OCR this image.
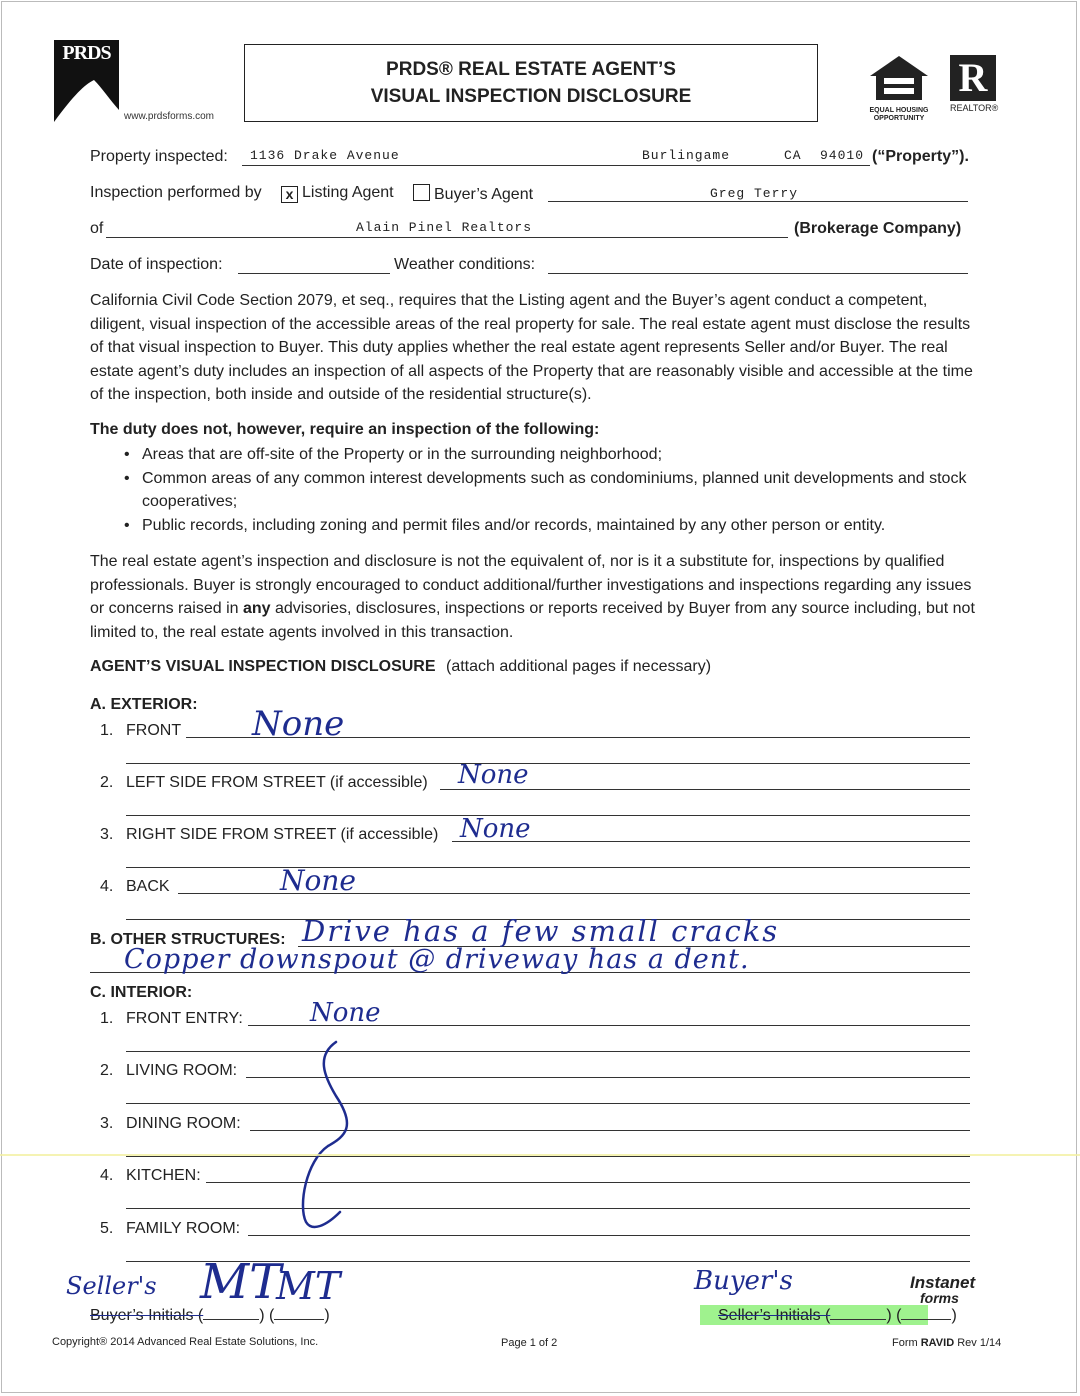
PRDS
www.prdsforms.com
PRDS® REAL ESTATE AGENT’S
VISUAL INSPECTION DISCLOSURE
EQUAL HOUSING OPPORTUNITY
R
REALTOR®
Property inspected: 1136 Drake Avenue	Burlingame	CA 94010 (“Property”).
Inspection performed by	x Listing Agent	Buyer’s Agent	Greg Terry
of	Alain Pinel Realtors	(Brokerage Company)
Date of inspection:	Weather conditions:

California Civil Code Section 2079, et seq., requires that the Listing agent and the Buyer’s agent conduct a competent, diligent, visual inspection of the accessible areas of the real property for sale. The real estate agent must disclose the results of that visual inspection to Buyer. This duty applies whether the real estate agent represents Seller and/or Buyer. The real estate agent’s duty includes an inspection of all aspects of the Property that are reasonably visible and accessible at the time of the inspection, both inside and outside of the residential structure(s).

The duty does not, however, require an inspection of the following:
• Areas that are off-site of the Property or in the surrounding neighborhood;
• Common areas of any common interest developments such as condominiums, planned unit developments and stock cooperatives;
• Public records, including zoning and permit files and/or records, maintained by any other person or entity.

The real estate agent’s inspection and disclosure is not the equivalent of, nor is it a substitute for, inspections by qualified professionals. Buyer is strongly encouraged to conduct additional/further investigations and inspections regarding any issues or concerns raised in any advisories, disclosures, inspections or reports received by Buyer from any source including, but not limited to, the real estate agents involved in this transaction.

AGENT’S VISUAL INSPECTION DISCLOSURE (attach additional pages if necessary)
A. EXTERIOR:
1. FRONT None
2. LEFT SIDE FROM STREET (if accessible) None
3. RIGHT SIDE FROM STREET (if accessible) None
4. BACK	None
B. OTHER STRUCTURES: Drive has a few small cracks
Copper downspout @ driveway has a dent.
C. INTERIOR:
1. FRONT ENTRY:	None
2. LIVING ROOM:
3. DINING ROOM:
4. KITCHEN:
5. FAMILY ROOM:
Seller's
Buyer’s Initials (	) (	)
MT
MT	Buyer's
Seller’s Initials (	) (	)
Instanet
forms
Copyright® 2014 Advanced Real Estate Solutions, Inc.	Page 1 of 2	Form RAVID Rev 1/14
